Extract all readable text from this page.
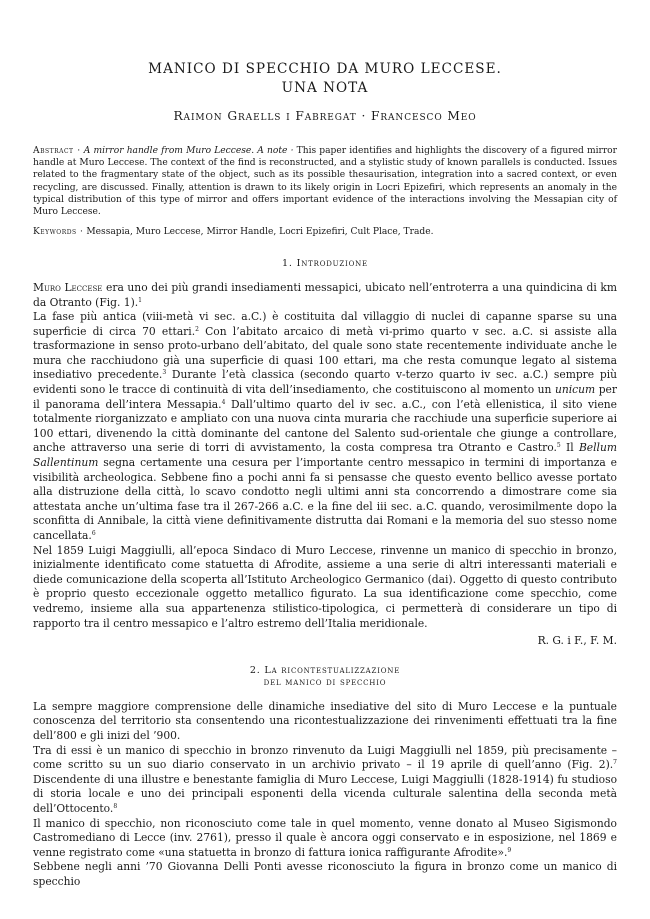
MANICO DI SPECCHIO DA MURO LECCESE.
UNA NOTA
Raimon Graells i Fabregat · Francesco Meo
Abstract · A mirror handle from Muro Leccese. A note · This paper identifies and highlights the discovery of a figured mirror handle at Muro Leccese. The context of the find is reconstructed, and a stylistic study of known parallels is conducted. Issues related to the fragmentary state of the object, such as its possible thesaurisation, integration into a sacred context, or even recycling, are discussed. Finally, attention is drawn to its likely origin in Locri Epizefiri, which represents an anomaly in the typical distribution of this type of mirror and offers important evidence of the interactions involving the Messapian city of Muro Leccese.
Keywords · Messapia, Muro Leccese, Mirror Handle, Locri Epizefiri, Cult Place, Trade.
1. Introduzione

Muro Leccese era uno dei più grandi insediamenti messapici, ubicato nell’entroterra a una quindicina di km da Otranto (Fig. 1).$^1$

La fase più antica (viii-metà vi sec. a.C.) è costituita dal villaggio di nuclei di capanne sparse su una superficie di circa 70 ettari.$^2$ Con l’abitato arcaico di metà vi-primo quarto v sec. a.C. si assiste alla trasformazione in senso proto-urbano dell’abitato, del quale sono state recentemente individuate anche le mura che racchiudono già una superficie di quasi 100 ettari, ma che resta comunque legato al sistema insediativo precedente.$^3$ Durante l’età classica (secondo quarto v-terzo quarto iv sec. a.C.) sempre più evidenti sono le tracce di continuità di vita dell’insediamento, che costituiscono al momento un unicum per il panorama dell’intera Messapia.$^4$ Dall’ultimo quarto del iv sec. a.C., con l’età ellenistica, il sito viene totalmente riorganizzato e ampliato con una nuova cinta muraria che racchiude una superficie superiore ai 100 ettari, divenendo la città dominante del cantone del Salento sud-orientale che giunge a controllare, anche attraverso una serie di torri di avvistamento, la costa compresa tra Otranto e Castro.$^5$ Il Bellum Sallentinum segna certamente una cesura per l’importante centro messapico in termini di importanza e visibilità archeologica. Sebbene fino a pochi anni fa si pensasse che questo evento bellico avesse portato alla distruzione della città, lo scavo condotto negli ultimi anni sta concorrendo a dimostrare come sia attestata anche un’ultima fase tra il 267-266 a.C. e la fine del iii sec. a.C. quando, verosimilmente dopo la sconfitta di Annibale, la città viene definitivamente distrutta dai Romani e la memoria del suo stesso nome cancellata.$^6$

Nel 1859 Luigi Maggiulli, all’epoca Sindaco di Muro Leccese, rinvenne un manico di specchio in bronzo, inizialmente identificato come statuetta di Afrodite, assieme a una serie di altri interessanti materiali e diede comunicazione della scoperta all’Istituto Archeologico Germanico (dai). Oggetto di questo contributo è proprio questo eccezionale oggetto metallico figurato. La sua identificazione come specchio, come vedremo, insieme alla sua appartenenza stilistico-tipologica, ci permetterà di considerare un tipo di rapporto tra il centro messapico e l’altro estremo dell’Italia meridionale.

R. G. i F., F. M.
2. La ricontestualizzazione
del manico di specchio

La sempre maggiore comprensione delle dinamiche insediative del sito di Muro Leccese e la puntuale conoscenza del territorio sta consentendo una ricontestualizzazione dei rinvenimenti effettuati tra la fine dell’800 e gli inizi del ’900.

Tra di essi è un manico di specchio in bronzo rinvenuto da Luigi Maggiulli nel 1859, più precisamente – come scritto su un suo diario conservato in un archivio privato – il 19 aprile di quell’anno (Fig. 2).$^7$ Discendente di una illustre e benestante famiglia di Muro Leccese, Luigi Maggiulli (1828-1914) fu studioso di storia locale e uno dei principali esponenti della vicenda culturale salentina della seconda metà dell’Ottocento.$^8$

Il manico di specchio, non riconosciuto come tale in quel momento, venne donato al Museo Sigismondo Castromediano di Lecce (inv. 2761), presso il quale è ancora oggi conservato e in esposizione, nel 1869 e venne registrato come «una statuetta in bronzo di fattura ionica raffigurante Afrodite».$^9$

Sebbene negli anni ’70 Giovanna Delli Ponti avesse riconosciuto la figura in bronzo come un manico di specchio
